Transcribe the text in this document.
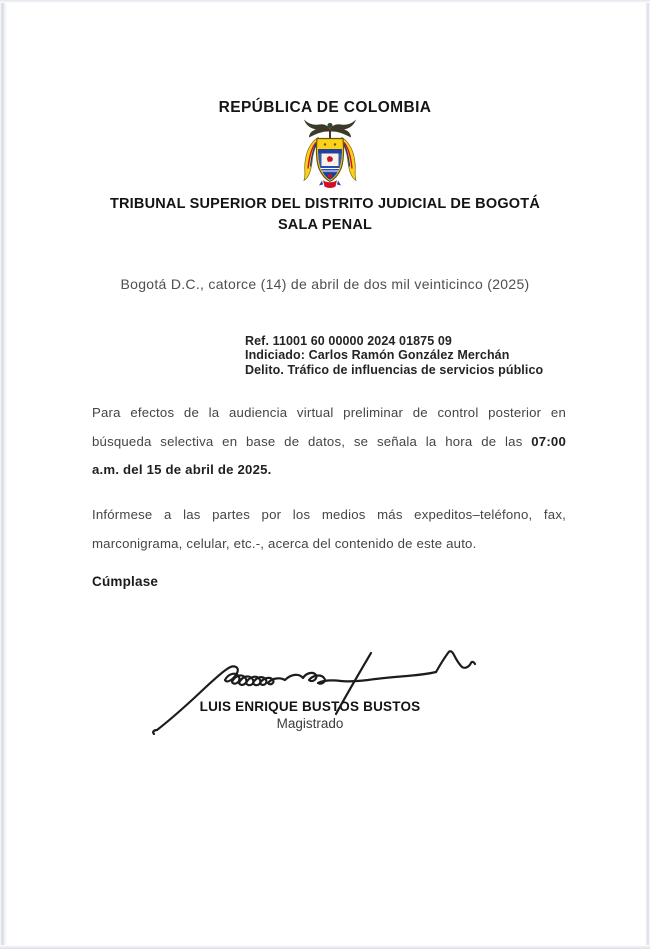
REPÚBLICA DE COLOMBIA
TRIBUNAL SUPERIOR DEL DISTRITO JUDICIAL DE BOGOTÁ
SALA PENAL
Bogotá D.C., catorce (14) de abril de dos mil veinticinco (2025)
Ref. 11001 60 00000 2024 01875 09
Indiciado: Carlos Ramón González Merchán
Delito. Tráfico de influencias de servicios público
Para efectos de la audiencia virtual preliminar de control posterior en
búsqueda selectiva en base de datos, se señala la hora de las 07:00
a.m. del 15 de abril de 2025.
Infórmese a las partes por los medios más expeditos–teléfono, fax,
marconigrama, celular, etc.-, acerca del contenido de este auto.
Cúmplase
LUIS ENRIQUE BUSTOS BUSTOS
Magistrado
